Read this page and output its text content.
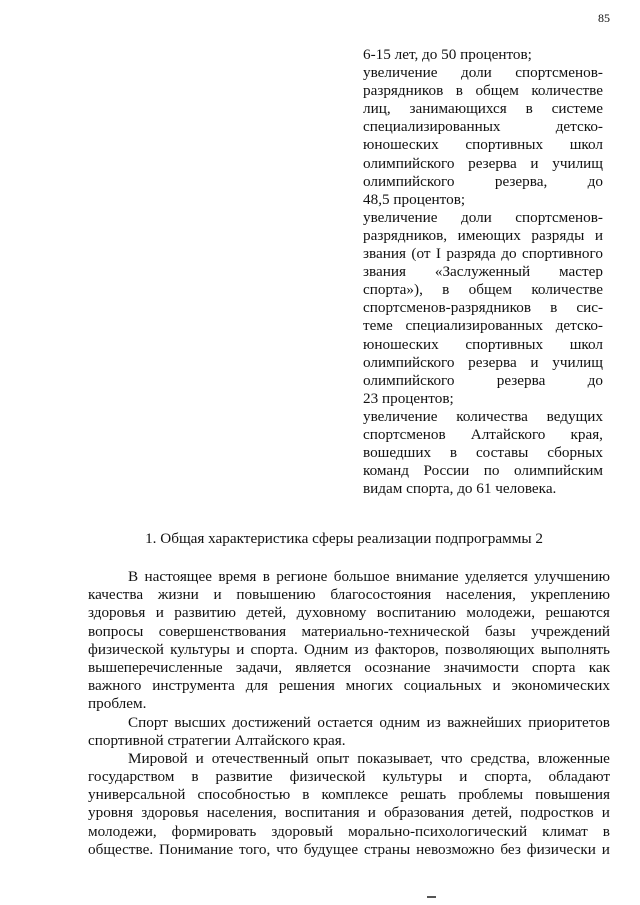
85
6-15 лет, до 50 процентов;
увеличение доли спортсменов-
разрядников в общем количестве
лиц, занимающихся в системе
специализированных	детско-
юношеских спортивных школ
олимпийского резерва и училищ
олимпийского	резерва,	до
48,5 процентов;
увеличение доли спортсменов-
разрядников, имеющих разряды и
звания (от I разряда до спортивного
звания «Заслуженный мастер
спорта»), в общем количестве
спортсменов-разрядников в сис-
теме специализированных детско-
юношеских спортивных школ
олимпийского резерва и училищ
олимпийского	резерва	до
23 процентов;
увеличение количества ведущих
спортсменов Алтайского края,
вошедших в составы сборных
команд России по олимпийским
видам спорта, до 61 человека.
1. Общая характеристика сферы реализации подпрограммы 2
В настоящее время в регионе большое внимание уделяется улучшению
качества жизни и повышению благосостояния населения, укреплению
здоровья и развитию детей, духовному воспитанию молодежи, решаются
вопросы совершенствования материально-технической базы учреждений
физической культуры и спорта. Одним из факторов, позволяющих выполнять
вышеперечисленные задачи, является осознание значимости спорта как
важного инструмента для решения многих социальных и экономических
проблем.
Спорт высших достижений остается одним из важнейших приоритетов
спортивной стратегии Алтайского края.
Мировой и отечественный опыт показывает, что средства, вложенные
государством в развитие физической культуры и спорта, обладают
универсальной способностью в комплексе решать проблемы повышения
уровня здоровья населения, воспитания и образования детей, подростков и
молодежи, формировать здоровый морально-психологический климат в
обществе. Понимание того, что будущее страны невозможно без физически и
